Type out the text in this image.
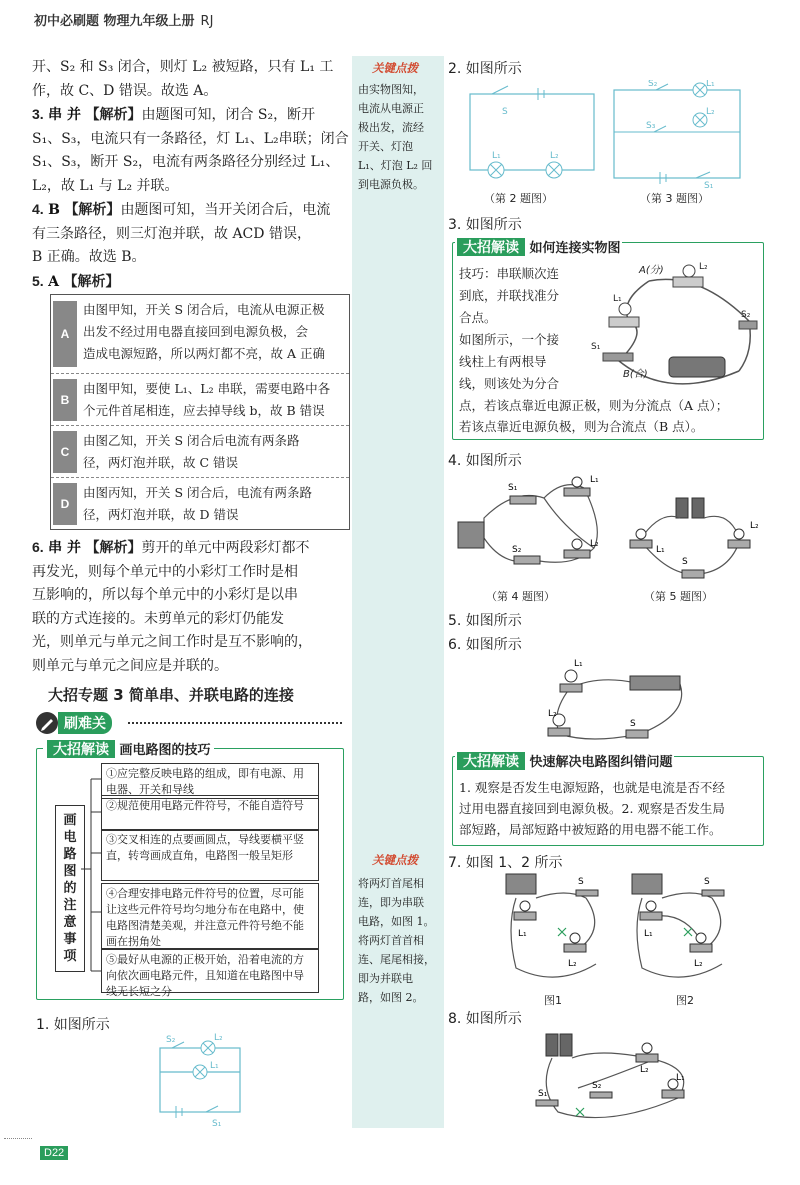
初中必刷题 物理九年级上册 RJ

开、S₂ 和 S₃ 闭合，则灯 L₂ 被短路，只有 L₁ 工

作，故 C、D 错误。故选 A。

3. 串 并 【解析】由题图可知，闭合 S₂，断开

S₁、S₃，电流只有一条路径，灯 L₁、L₂串联；闭合

S₁、S₃，断开 S₂，电流有两条路径分别经过 L₁、

L₂，故 L₁ 与 L₂ 并联。

4. B 【解析】由题图可知，当开关闭合后，电流

有三条路径，则三灯泡并联，故 ACD 错误，

B 正确。故选 B。

5. A 【解析】

A
由图甲知，开关 S 闭合后，电流从电源正极
出发不经过用电器直接回到电源负极，会
造成电源短路，所以两灯都不亮，故 A 正确
B
由图甲知，要使 L₁、L₂ 串联，需要电路中各
个元件首尾相连，应去掉导线 b，故 B 错误
C
由图乙知，开关 S 闭合后电流有两条路
径，两灯泡并联，故 C 错误
D
由图丙知，开关 S 闭合后，电流有两条路
径，两灯泡并联，故 D 错误

6. 串 并 【解析】剪开的单元中两段彩灯都不

再发光，则每个单元中的小彩灯工作时是相

互影响的，所以每个单元中的小彩灯是以串

联的方式连接的。未剪单元的彩灯仍能发

光，则单元与单元之间工作时是互不影响的，

则单元与单元之间应是并联的。

大招专题 3 简单串、并联电路的连接
刷难关
大招解读 画电路图的技巧
画电路图的注意事项
①应完整反映电路的组成，即有电源、用电器、开关和导线
②规范使用电路元件符号，不能自造符号
③交叉相连的点要画圆点，导线要横平竖直，转弯画成直角，电路图一般呈矩形
④合理安排电路元件符号的位置，尽可能让这些元件符号均匀地分布在电路中，使电路图清楚美观，并注意元件符号绝不能画在拐角处
⑤最好从电源的正极开始，沿着电流的方向依次画电路元件，且知道在电路图中导线无长短之分
1. 如图所示
S₂	L₂
L₁
S₁
关键点拨
由实物图知，
电流从电源正
极出发，流经
开关、灯泡
L₁、灯泡 L₂ 回
到电源负极。
关键点拨
将两灯首尾相
连，即为串联
电路，如图 1。
将两灯首首相
连、尾尾相接，
即为并联电
路，如图 2。
2. 如图所示
S
L₁	L₂
（第 2 题图）
S₂	L₁
S₃
L₂
S₁
（第 3 题图）
3. 如图所示
大招解读 如何连接实物图
技巧：串联顺次连
到底，并联找准分
合点。
如图所示，一个接
线柱上有两根导
线，则该处为分合
点，若该点靠近电源正极，则为分流点（A 点）；
若该点靠近电源负极，则为合流点（B 点）。
A(分)
B(合)
L₁
L₂
S₁
S₂
4. 如图所示
S₁
L₁
S₂
L₂
（第 4 题图）
L₁
L₂
S
（第 5 题图）
5. 如图所示
6. 如图所示
L₁
L₂
S
大招解读 快速解决电路图纠错问题
1. 观察是否发生电源短路，也就是电流是否不经
过用电器直接回到电源负极。2. 观察是否发生局
部短路，局部短路中被短路的用电器不能工作。
7. 如图 1、2 所示
L₁
L₂
S
图1
L₁
L₂
S
图2
8. 如图所示
L₂
L₁
S₁
S₂
D22
